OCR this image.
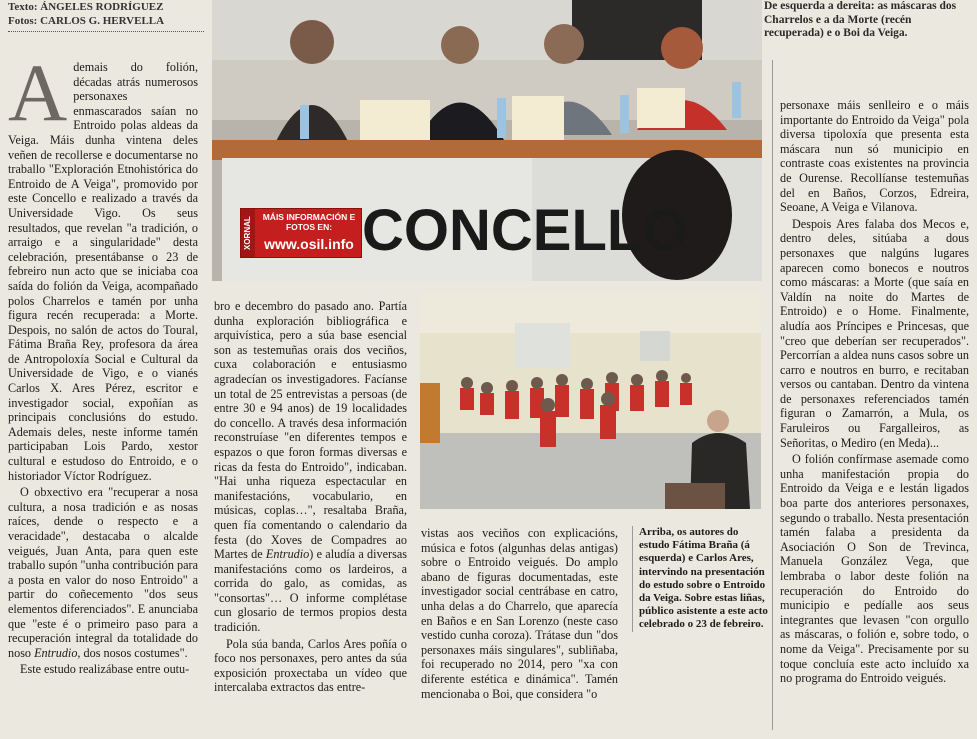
Texto: ÁNGELES RODRÍGUEZ
Fotos: CARLOS G. HERVELLA

Ademais do folión, décadas atrás numerosos personaxes enmascarados saían no Entroido polas aldeas da Veiga. Máis dunha vintena deles veñen de recollerse e documentarse no traballo "Exploración Etnohistórica do Entroido de A Veiga", promovido por este Concello e realizado a través da Universidade Vigo. Os seus resultados, que revelan "a tradición, o arraigo e a singularidade" desta celebración, presentábanse o 23 de febreiro nun acto que se iniciaba coa saída do folión da Veiga, acompañado polos Charrelos e tamén por unha figura recén recuperada: a Morte. Despois, no salón de actos do Toural, Fátima Braña Rey, profesora da área de Antropoloxía Social e Cultural da Universidade de Vigo, e o vianés Carlos X. Ares Pérez, escritor e investigador social, expoñían as principais conclusións do estudo. Ademais deles, neste informe tamén participaban Lois Pardo, xestor cultural e estudoso do Entroido, e o historiador Víctor Rodríguez.

O obxectivo era "recuperar a nosa cultura, a nosa tradición e as nosas raíces, dende o respecto e a veracidade", destacaba o alcalde veigués, Juan Anta, para quen este traballo supón "unha contribución para a posta en valor do noso Entroido" a partir do coñecemento "dos seus elementos diferenciados". E anunciaba que "este é o primeiro paso para a recuperación integral da totalidade do noso Entrudio, dos nosos costumes".

Este estudo realizábase entre outu-

CONCELLO
XORNAL	MÁIS INFORMACIÓN E FOTOS EN:
www.osil.info
De esquerda a dereita: as máscaras dos Charrelos e a da Morte (recén recuperada) e o Boi da Veiga.

bro e decembro do pasado ano. Partía dunha exploración bibliográfica e arquivística, pero a súa base esencial son as testemuñas orais dos veciños, cuxa colaboración e entusiasmo agradecían os investigadores. Facíanse un total de 25 entrevistas a persoas (de entre 30 e 94 anos) de 19 localidades do concello. A través desa información reconstruíase "en diferentes tempos e espazos o que foron formas diversas e ricas da festa do Entroido", indicaban. "Hai unha riqueza espectacular en manifestacións, vocabulario, en músicas, coplas…", resaltaba Braña, quen fía comentando o calendario da festa (do Xoves de Compadres ao Martes de Entrudio) e aludía a diversas manifestacións como os lardeiros, a corrida do galo, as comidas, as "consortas"… O informe complétase cun glosario de termos propios desta tradición.

Pola súa banda, Carlos Ares poñía o foco nos personaxes, pero antes da súa exposición proxectaba un vídeo que intercalaba extractos das entre-

vistas aos veciños con explicacións, música e fotos (algunhas delas antigas) sobre o Entroido veigués. Do amplo abano de figuras documentadas, este investigador social centrábase en catro, unha delas a do Charrelo, que aparecía en Baños e en San Lorenzo (neste caso vestido cunha coroza). Trátase dun "dos personaxes máis singulares", subliñaba, foi recuperado no 2014, pero "xa con diferente estética e dinámica". Tamén mencionaba o Boi, que considera "o

Arriba, os autores do estudo Fátima Braña (á esquerda) e Carlos Ares, intervindo na presentación do estudo sobre o Entroido da Veiga. Sobre estas liñas, público asistente a este acto celebrado o 23 de febreiro.

personaxe máis senlleiro e o máis importante do Entroido da Veiga" pola diversa tipoloxía que presenta esta máscara nun só municipio en contraste coas existentes na provincia de Ourense. Recollíanse testemuñas del en Baños, Corzos, Edreira, Seoane, A Veiga e Vilanova.

Despois Ares falaba dos Mecos e, dentro deles, sitúaba a dous personaxes que nalgúns lugares aparecen como bonecos e noutros como máscaras: a Morte (que saía en Valdín na noite do Martes de Entroido) e o Home. Finalmente, aludía aos Príncipes e Princesas, que "creo que deberían ser recuperados". Percorrían a aldea nuns casos sobre un carro e noutros en burro, e recitaban versos ou cantaban. Dentro da vintena de personaxes referenciados tamén figuran o Zamarrón, a Mula, os Faruleiros ou Fargalleiros, as Señoritas, o Mediro (en Meda)...

O folión confírmase asemade como unha manifestación propia do Entroido da Veiga e e lestán ligados boa parte dos anteriores personaxes, segundo o traballo. Nesta presentación tamén falaba a presidenta da Asociación O Son de Trevinca, Manuela González Vega, que lembraba o labor deste folión na recuperación do Entroido do municipio e pedíalle aos seus integrantes que levasen "con orgullo as máscaras, o folión e, sobre todo, o nome da Veiga". Precisamente por su toque concluía este acto incluído xa no programa do Entroido veigués.
